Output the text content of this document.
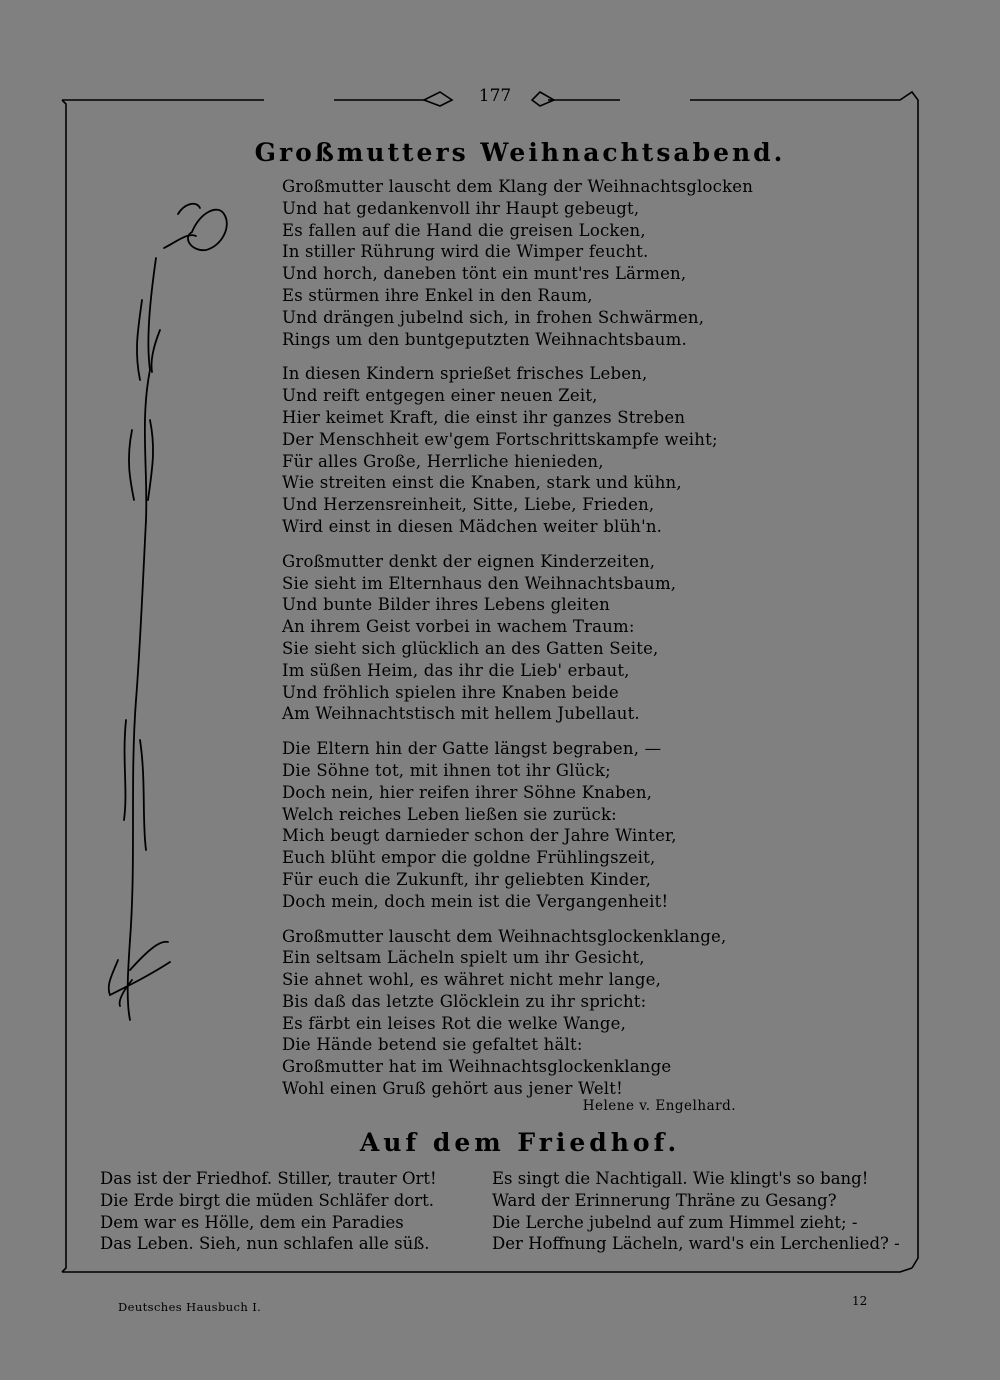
177
Großmutters Weihnachtsabend.
Großmutter lauscht dem Klang der Weihnachtsglocken
Und hat gedankenvoll ihr Haupt gebeugt,
Es fallen auf die Hand die greisen Locken,
In stiller Rührung wird die Wimper feucht.
Und horch, daneben tönt ein munt'res Lärmen,
Es stürmen ihre Enkel in den Raum,
Und drängen jubelnd sich, in frohen Schwärmen,
Rings um den buntgeputzten Weihnachtsbaum.
In diesen Kindern sprießet frisches Leben,
Und reift entgegen einer neuen Zeit,
Hier keimet Kraft, die einst ihr ganzes Streben
Der Menschheit ew'gem Fortschrittskampfe weiht;
Für alles Große, Herrliche hienieden,
Wie streiten einst die Knaben, stark und kühn,
Und Herzensreinheit, Sitte, Liebe, Frieden,
Wird einst in diesen Mädchen weiter blüh'n.
Großmutter denkt der eignen Kinderzeiten,
Sie sieht im Elternhaus den Weihnachtsbaum,
Und bunte Bilder ihres Lebens gleiten
An ihrem Geist vorbei in wachem Traum:
Sie sieht sich glücklich an des Gatten Seite,
Im süßen Heim, das ihr die Lieb' erbaut,
Und fröhlich spielen ihre Knaben beide
Am Weihnachtstisch mit hellem Jubellaut.
Die Eltern hin der Gatte längst begraben, —
Die Söhne tot, mit ihnen tot ihr Glück;
Doch nein, hier reifen ihrer Söhne Knaben,
Welch reiches Leben ließen sie zurück:
Mich beugt darnieder schon der Jahre Winter,
Euch blüht empor die goldne Frühlingszeit,
Für euch die Zukunft, ihr geliebten Kinder,
Doch mein, doch mein ist die Vergangenheit!
Großmutter lauscht dem Weihnachtsglockenklange,
Ein seltsam Lächeln spielt um ihr Gesicht,
Sie ahnet wohl, es währet nicht mehr lange,
Bis daß das letzte Glöcklein zu ihr spricht:
Es färbt ein leises Rot die welke Wange,
Die Hände betend sie gefaltet hält:
Großmutter hat im Weihnachtsglockenklange
Wohl einen Gruß gehört aus jener Welt!
Helene v. Engelhard.
Auf dem Friedhof.
Das ist der Friedhof. Stiller, trauter Ort!
Die Erde birgt die müden Schläfer dort.
Dem war es Hölle, dem ein Paradies
Das Leben. Sieh, nun schlafen alle süß.
Es singt die Nachtigall. Wie klingt's so bang!
Ward der Erinnerung Thräne zu Gesang?
Die Lerche jubelnd auf zum Himmel zieht; -
Der Hoffnung Lächeln, ward's ein Lerchenlied? -
Deutsches Hausbuch I.	12
